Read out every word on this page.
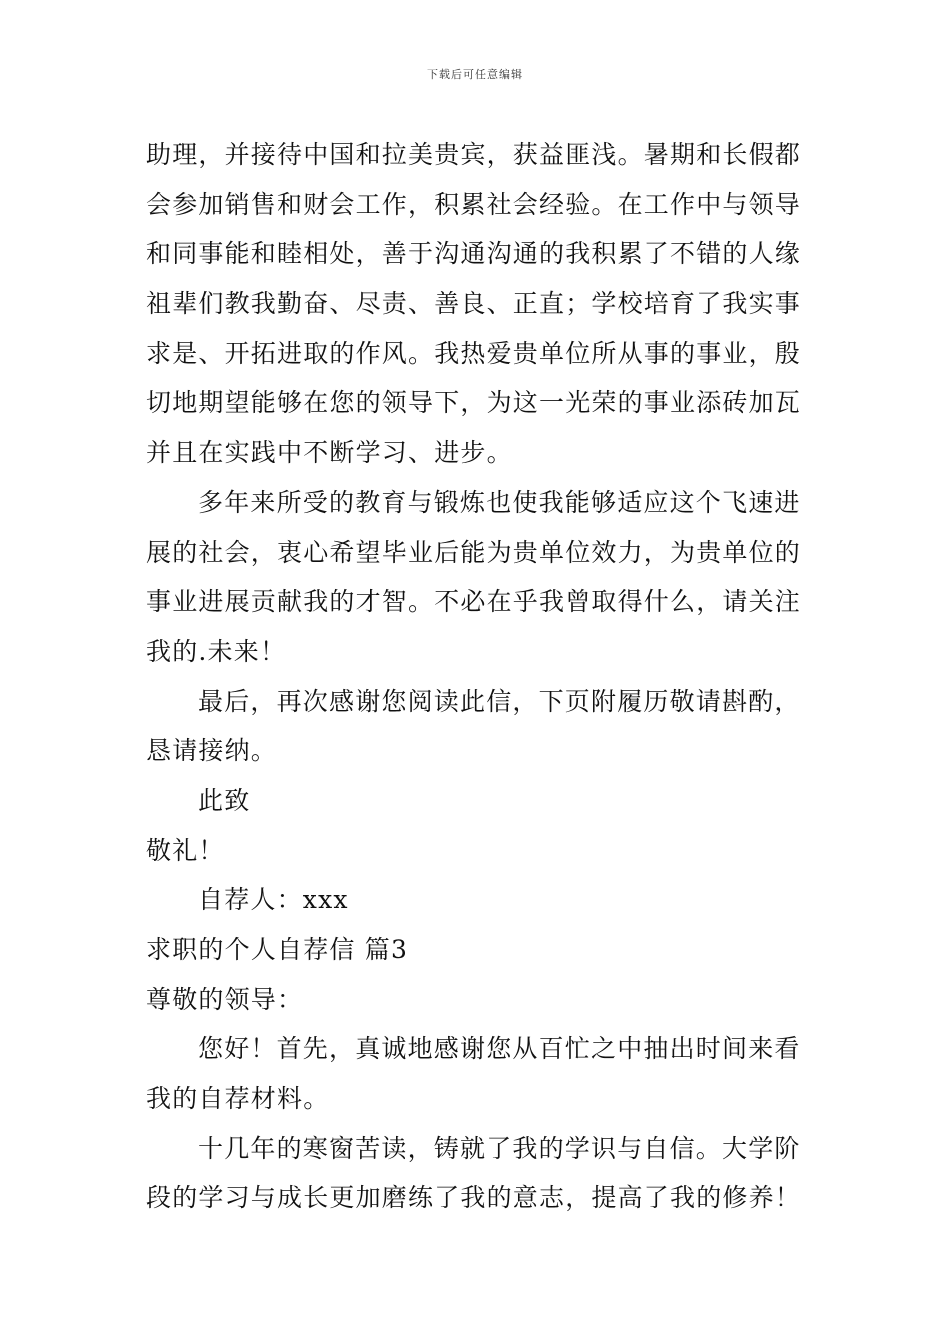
下载后可任意编辑
助理，并接待中国和拉美贵宾，获益匪浅。暑期和长假都
会参加销售和财会工作，积累社会经验。在工作中与领导
和同事能和睦相处，善于沟通沟通的我积累了不错的人缘
祖辈们教我勤奋、尽责、善良、正直；学校培育了我实事
求是、开拓进取的作风。我热爱贵单位所从事的事业，殷
切地期望能够在您的领导下，为这一光荣的事业添砖加瓦
并且在实践中不断学习、进步。
多年来所受的教育与锻炼也使我能够适应这个飞速进
展的社会，衷心希望毕业后能为贵单位效力，为贵单位的
事业进展贡献我的才智。不必在乎我曾取得什么，请关注
我的.未来！
最后，再次感谢您阅读此信，下页附履历敬请斟酌，
恳请接纳。
此致
敬礼！
自荐人：xxx
求职的个人自荐信 篇3
尊敬的领导：
您好！首先，真诚地感谢您从百忙之中抽出时间来看
我的自荐材料。
十几年的寒窗苦读，铸就了我的学识与自信。大学阶
段的学习与成长更加磨练了我的意志，提高了我的修养！
